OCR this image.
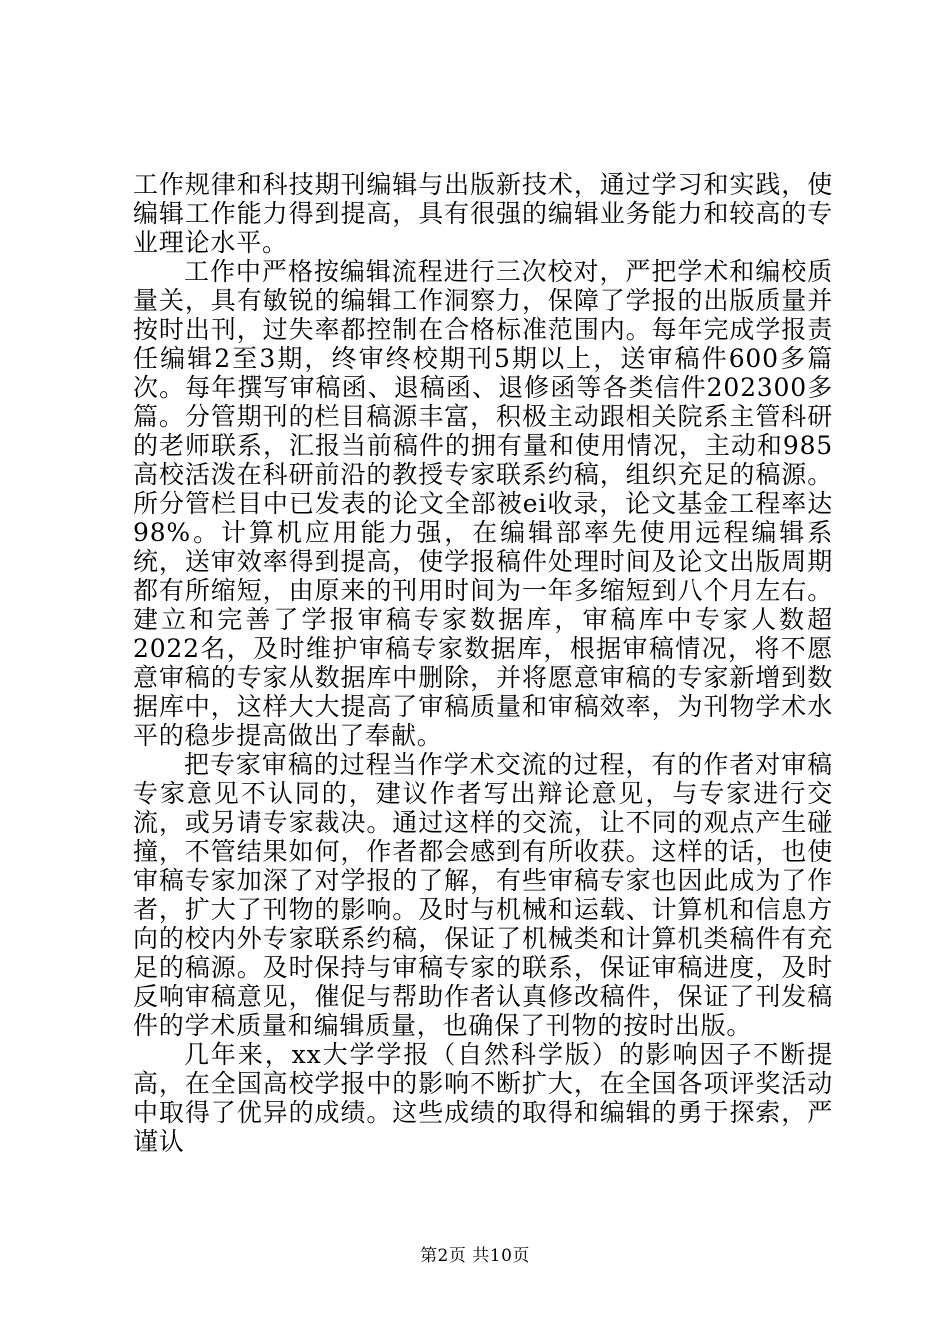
工作规律和科技期刊编辑与出版新技术，通过学习和实践，使编辑工作能力得到提高，具有很强的编辑业务能力和较高的专业理论水平。

工作中严格按编辑流程进行三次校对，严把学术和编校质量关，具有敏锐的编辑工作洞察力，保障了学报的出版质量并按时出刊，过失率都控制在合格标准范围内。每年完成学报责任编辑2至3期，终审终校期刊5期以上，送审稿件600多篇次。每年撰写审稿函、退稿函、退修函等各类信件202300多篇。分管期刊的栏目稿源丰富，积极主动跟相关院系主管科研的老师联系，汇报当前稿件的拥有量和使用情况，主动和985高校活泼在科研前沿的教授专家联系约稿，组织充足的稿源。所分管栏目中已发表的论文全部被ei收录，论文基金工程率达98%。计算机应用能力强，在编辑部率先使用远程编辑系统，送审效率得到提高，使学报稿件处理时间及论文出版周期都有所缩短，由原来的刊用时间为一年多缩短到八个月左右。建立和完善了学报审稿专家数据库，审稿库中专家人数超2022名，及时维护审稿专家数据库，根据审稿情况，将不愿意审稿的专家从数据库中删除，并将愿意审稿的专家新增到数据库中，这样大大提高了审稿质量和审稿效率，为刊物学术水平的稳步提高做出了奉献。

把专家审稿的过程当作学术交流的过程，有的作者对审稿专家意见不认同的，建议作者写出辩论意见，与专家进行交流，或另请专家裁决。通过这样的交流，让不同的观点产生碰撞，不管结果如何，作者都会感到有所收获。这样的话，也使审稿专家加深了对学报的了解，有些审稿专家也因此成为了作者，扩大了刊物的影响。及时与机械和运载、计算机和信息方向的校内外专家联系约稿，保证了机械类和计算机类稿件有充足的稿源。及时保持与审稿专家的联系，保证审稿进度，及时反响审稿意见，催促与帮助作者认真修改稿件，保证了刊发稿件的学术质量和编辑质量，也确保了刊物的按时出版。

几年来，xx大学学报（自然科学版）的影响因子不断提高，在全国高校学报中的影响不断扩大，在全国各项评奖活动中取得了优异的成绩。这些成绩的取得和编辑的勇于探索，严谨认

第2页 共10页
